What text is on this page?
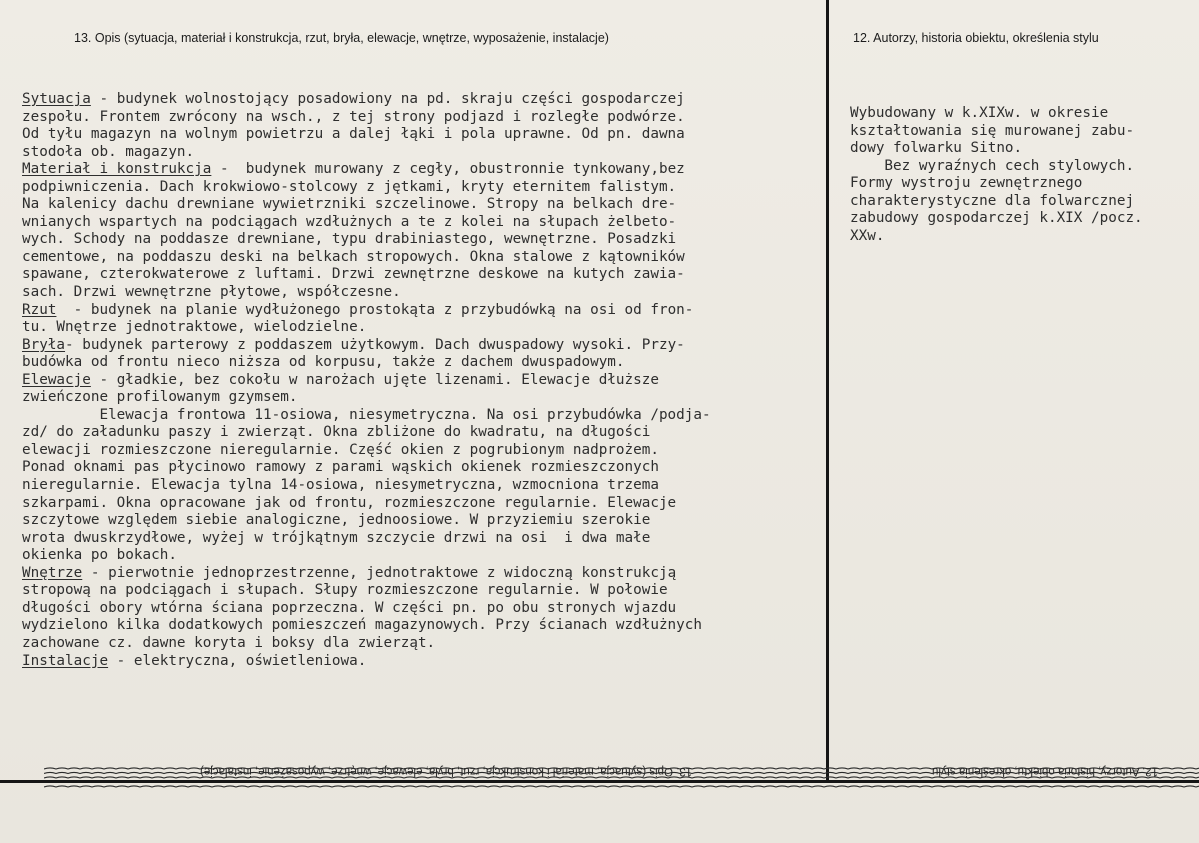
13. Opis (sytuacja, materiał i konstrukcja, rzut, bryła, elewacje, wnętrze, wyposażenie, instalacje)	12. Autorzy, historia obiektu, określenia stylu
Sytuacja - budynek wolnostojący posadowiony na pd. skraju części gospodarczej
zespołu. Frontem zwrócony na wsch., z tej strony podjazd i rozległe podwórze.
Od tyłu magazyn na wolnym powietrzu a dalej łąki i pola uprawne. Od pn. dawna
stodoła ob. magazyn.
Materiał i konstrukcja -  budynek murowany z cegły, obustronnie tynkowany,bez
podpiwniczenia. Dach krokwiowo-stolcowy z jętkami, kryty eternitem falistym.
Na kalenicy dachu drewniane wywietrzniki szczelinowe. Stropy na belkach dre-
wnianych wspartych na podciągach wzdłużnych a te z kolei na słupach żelbeto-
wych. Schody na poddasze drewniane, typu drabiniastego, wewnętrzne. Posadzki
cementowe, na poddaszu deski na belkach stropowych. Okna stalowe z kątowników
spawane, czterokwaterowe z luftami. Drzwi zewnętrzne deskowe na kutych zawia-
sach. Drzwi wewnętrzne płytowe, współczesne.
Rzut  - budynek na planie wydłużonego prostokąta z przybudówką na osi od fron-
tu. Wnętrze jednotraktowe, wielodzielne.
Bryła- budynek parterowy z poddaszem użytkowym. Dach dwuspadowy wysoki. Przy-
budówka od frontu nieco niższa od korpusu, także z dachem dwuspadowym.
Elewacje - gładkie, bez cokołu w narożach ujęte lizenami. Elewacje dłuższe
zwieńczone profilowanym gzymsem.
Elewacja frontowa 11-osiowa, niesymetryczna. Na osi przybudówka /podja-
zd/ do załadunku paszy i zwierząt. Okna zbliżone do kwadratu, na długości
elewacji rozmieszczone nieregularnie. Część okien z pogrubionym nadprożem.
Ponad oknami pas płycinowo ramowy z parami wąskich okienek rozmieszczonych
nieregularnie. Elewacja tylna 14-osiowa, niesymetryczna, wzmocniona trzema
szkarpami. Okna opracowane jak od frontu, rozmieszczone regularnie. Elewacje
szczytowe względem siebie analogiczne, jednoosiowe. W przyziemiu szerokie
wrota dwuskrzydłowe, wyżej w trójkątnym szczycie drzwi na osi  i dwa małe
okienka po bokach.
Wnętrze - pierwotnie jednoprzestrzenne, jednotraktowe z widoczną konstrukcją
stropową na podciągach i słupach. Słupy rozmieszczone regularnie. W połowie
długości obory wtórna ściana poprzeczna. W części pn. po obu stronych wjazdu
wydzielono kilka dodatkowych pomieszczeń magazynowych. Przy ścianach wzdłużnych
zachowane cz. dawne koryta i boksy dla zwierząt.
Instalacje - elektryczna, oświetleniowa.
Wybudowany w k.XIXw. w okresie
kształtowania się murowanej zabu-
dowy folwarku Sitno.
Bez wyraźnych cech stylowych.
Formy wystroju zewnętrznego
charakterystyczne dla folwarcznej
zabudowy gospodarczej k.XIX /pocz.
XXw.
13. Opis (sytuacja, materiał i konstrukcja, rzut, bryła, elewacje, wnętrze, wyposażenie, instalacje)	12. Autorzy, historia obiektu, określenia stylu
